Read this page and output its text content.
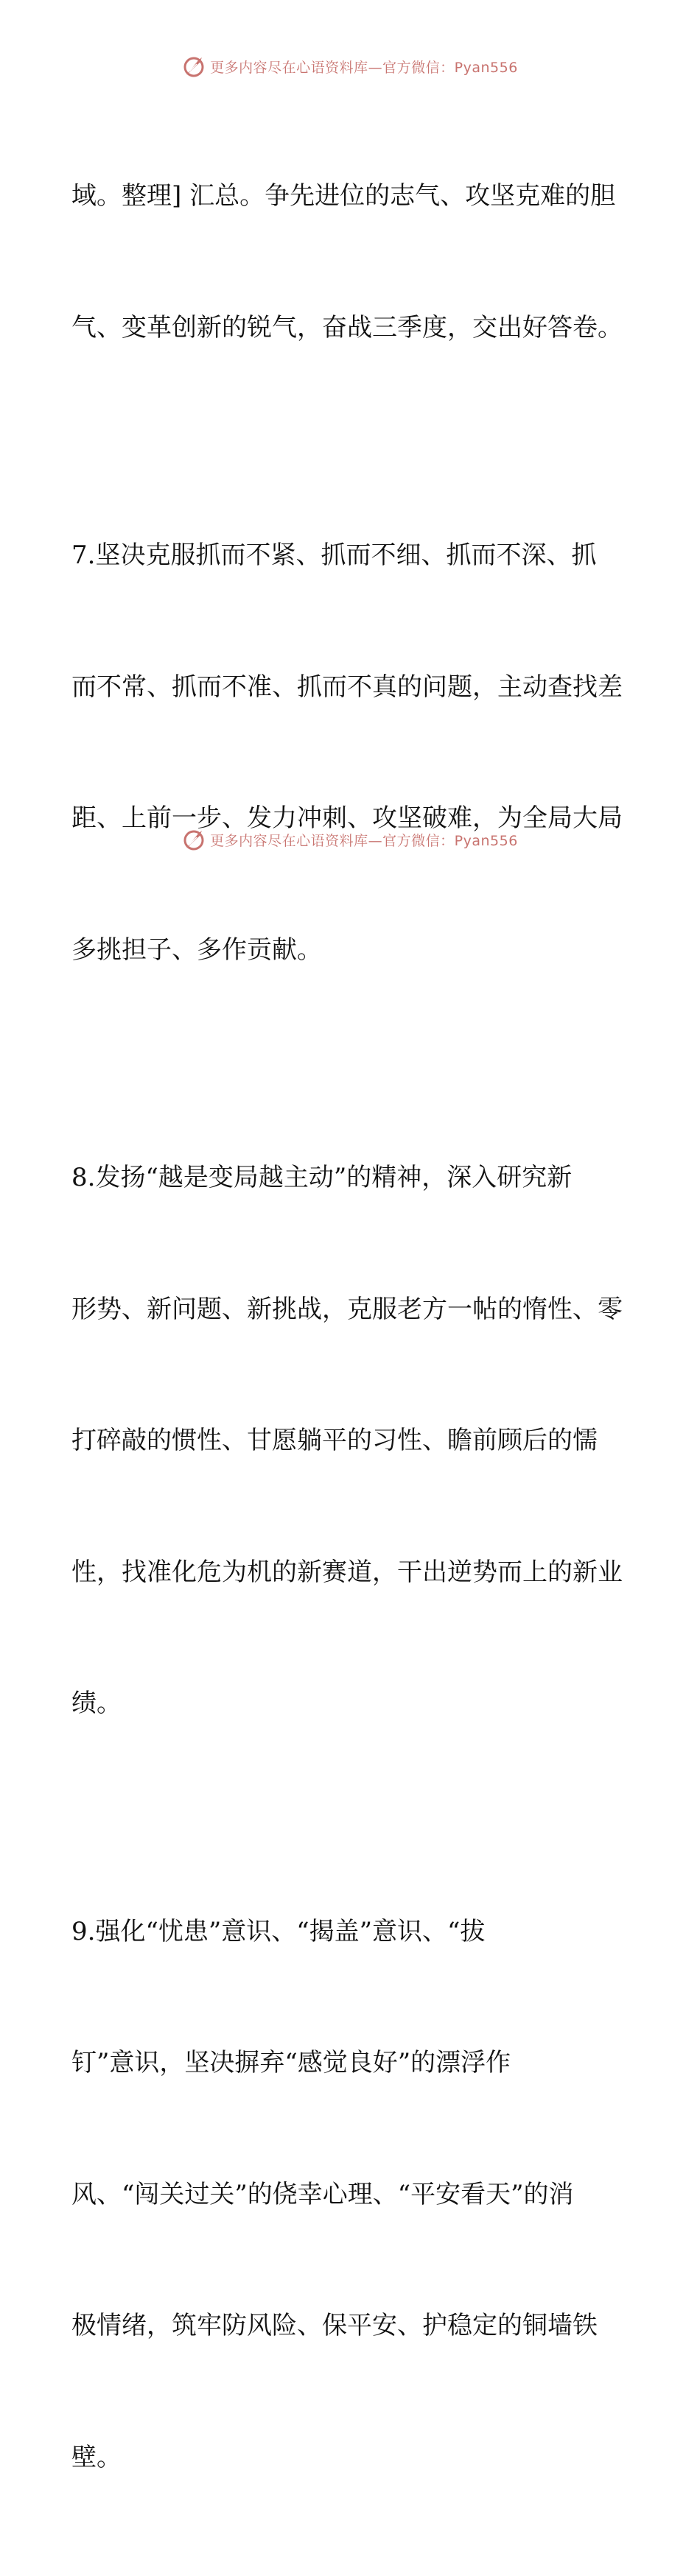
更多内容尽在心语资料库—官方微信：Pyan556

域。整理] 汇总。争先进位的志气、攻坚克难的胆

气、变革创新的锐气，奋战三季度，交出好答卷。

7.坚决克服抓而不紧、抓而不细、抓而不深、抓

而不常、抓而不准、抓而不真的问题，主动查找差

距、上前一步、发力冲刺、攻坚破难，为全局大局

多挑担子、多作贡献。

8.发扬“越是变局越主动”的精神，深入研究新

形势、新问题、新挑战，克服老方一帖的惰性、零

打碎敲的惯性、甘愿躺平的习性、瞻前顾后的懦

性，找准化危为机的新赛道，干出逆势而上的新业

绩。

9.强化“忧患”意识、“揭盖”意识、“拔

钉”意识，坚决摒弃“感觉良好”的漂浮作

风、“闯关过关”的侥幸心理、“平安看天”的消

极情绪，筑牢防风险、保平安、护稳定的铜墙铁

壁。

更多内容尽在心语资料库—官方微信：Pyan556
